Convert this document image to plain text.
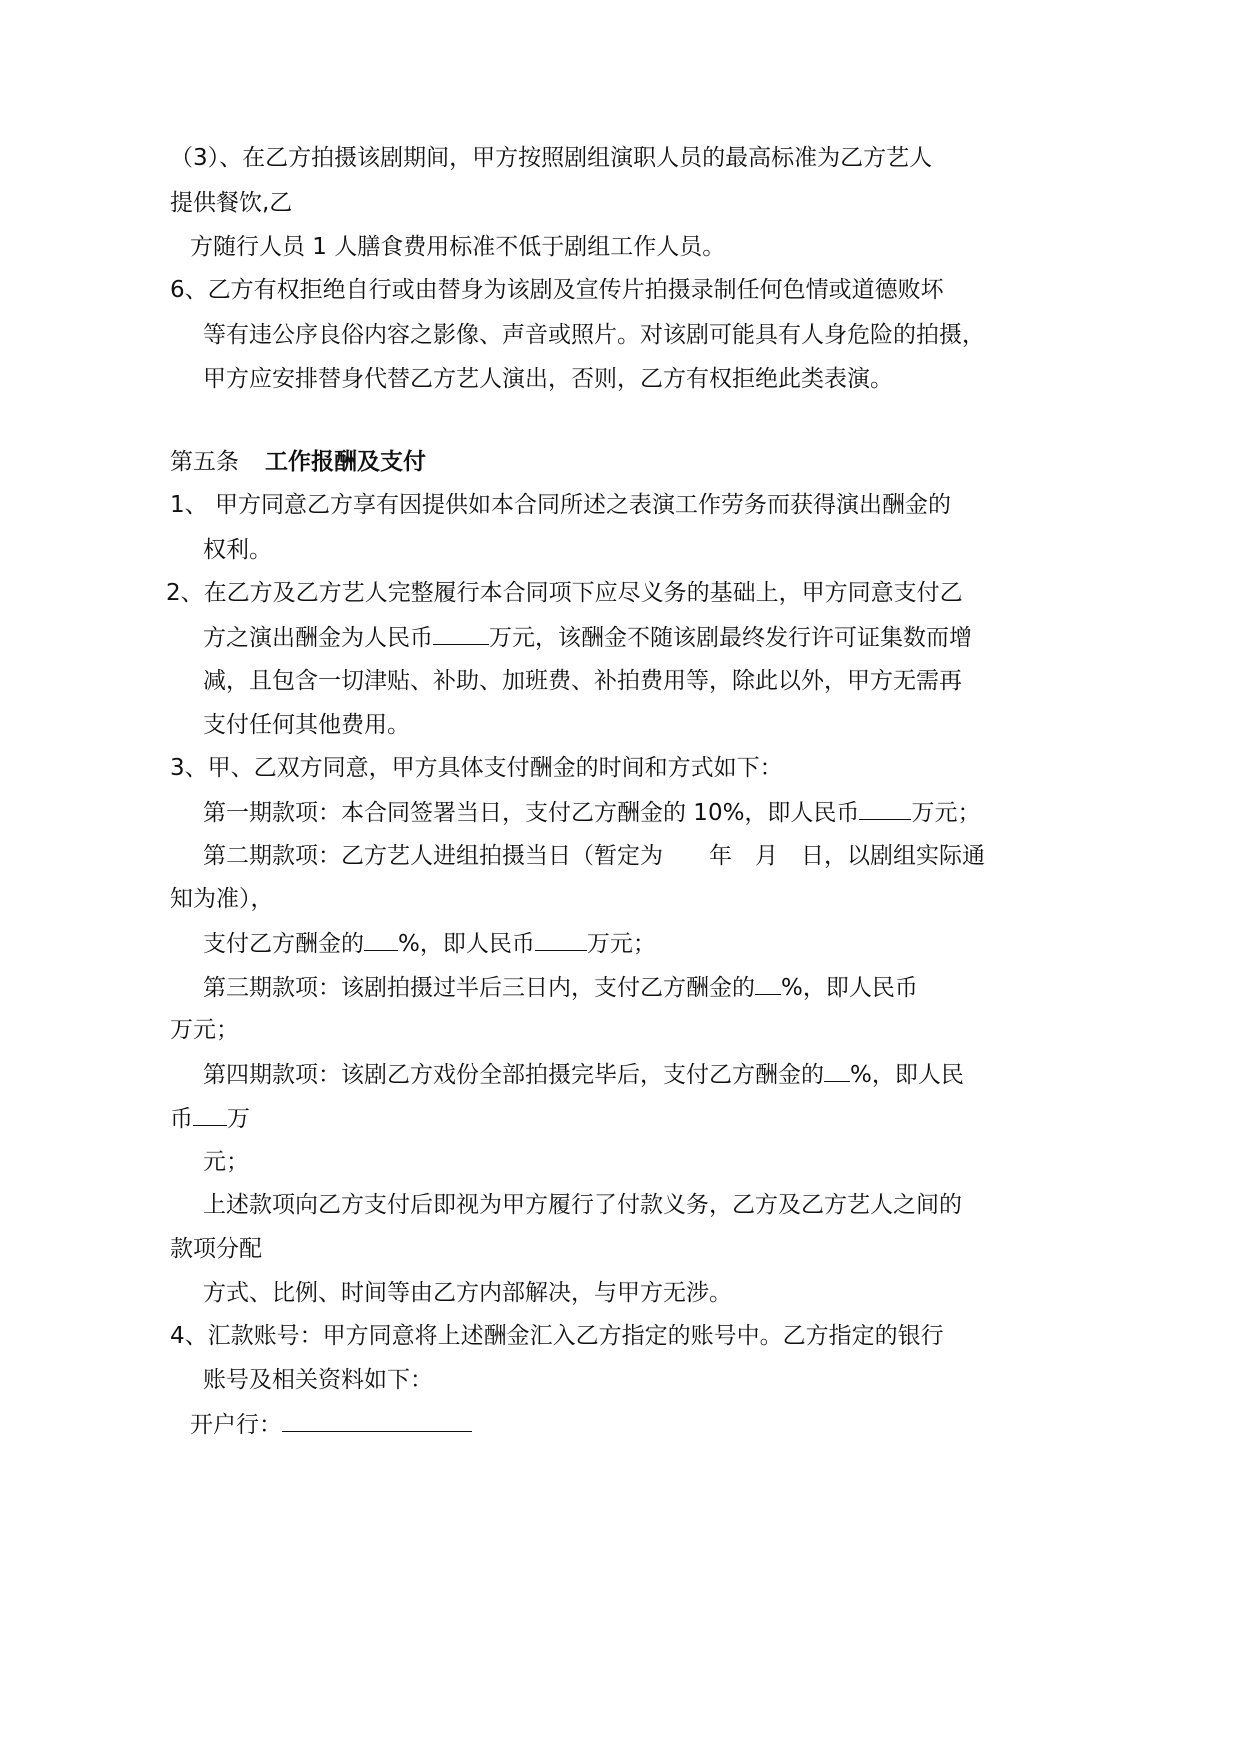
（3）、在乙方拍摄该剧期间，甲方按照剧组演职人员的最高标准为乙方艺人
提供餐饮,乙
方随行人员 1 人膳食费用标准不低于剧组工作人员。
6、乙方有权拒绝自行或由替身为该剧及宣传片拍摄录制任何色情或道德败坏
等有违公序良俗内容之影像、声音或照片。对该剧可能具有人身危险的拍摄，
甲方应安排替身代替乙方艺人演出，否则，乙方有权拒绝此类表演。
第五条 工作报酬及支付
1、 甲方同意乙方享有因提供如本合同所述之表演工作劳务而获得演出酬金的
权利。
2、在乙方及乙方艺人完整履行本合同项下应尽义务的基础上，甲方同意支付乙
方之演出酬金为人民币 万元，该酬金不随该剧最终发行许可证集数而增
减，且包含一切津贴、补助、加班费、补拍费用等，除此以外，甲方无需再
支付任何其他费用。
3、甲、乙双方同意，甲方具体支付酬金的时间和方式如下：
第一期款项：本合同签署当日，支付乙方酬金的 10%，即人民币 万元；
第二期款项：乙方艺人进组拍摄当日（暂定为　　年　月　日，以剧组实际通
知为准），
支付乙方酬金的 %，即人民币 万元；
第三期款项：该剧拍摄过半后三日内，支付乙方酬金的 %，即人民币
万元；
第四期款项：该剧乙方戏份全部拍摄完毕后，支付乙方酬金的 %，即人民
币 万
元；
上述款项向乙方支付后即视为甲方履行了付款义务，乙方及乙方艺人之间的
款项分配
方式、比例、时间等由乙方内部解决，与甲方无涉。
4、汇款账号：甲方同意将上述酬金汇入乙方指定的账号中。乙方指定的银行
账号及相关资料如下：
开户行：
